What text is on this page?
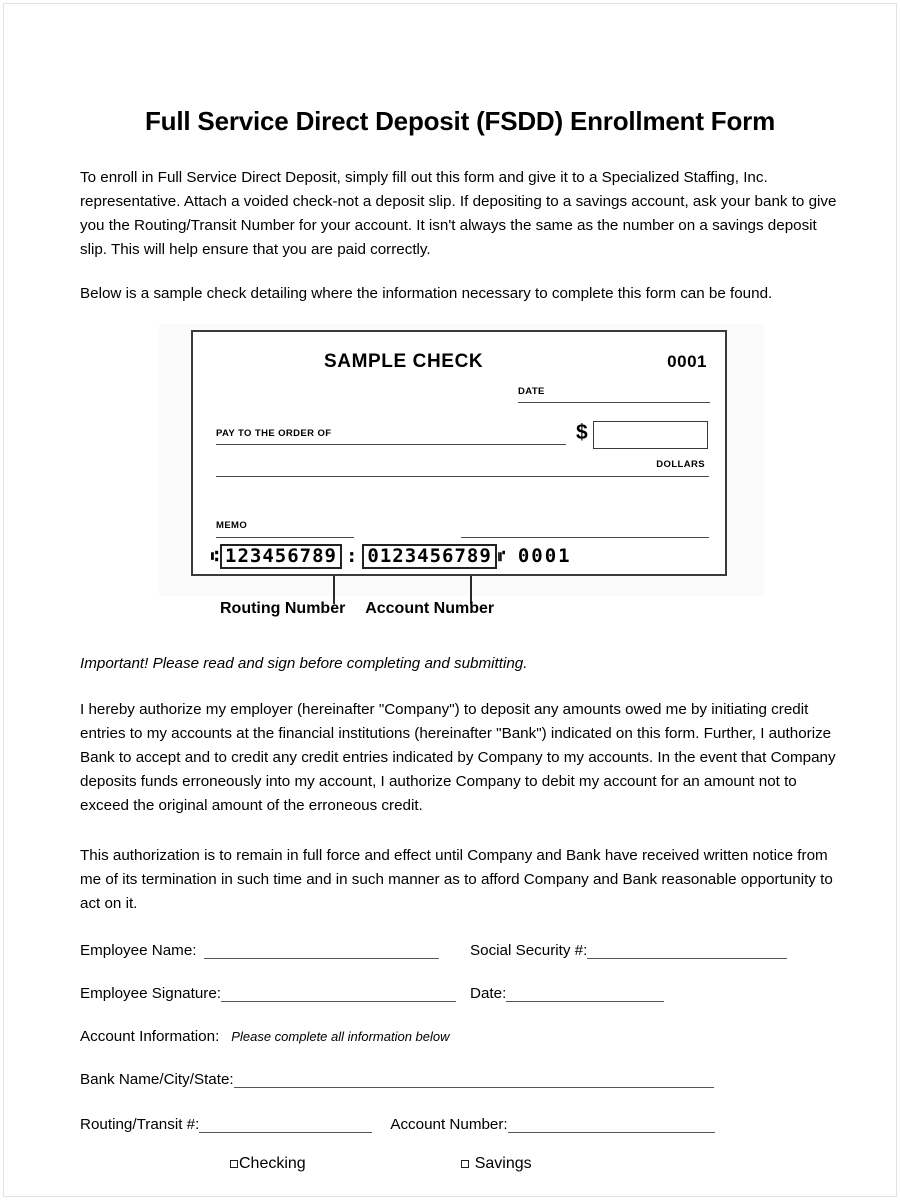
Full Service Direct Deposit (FSDD) Enrollment Form

To enroll in Full Service Direct Deposit, simply fill out this form and give it to a Specialized Staffing, Inc. representative. Attach a voided check-not a deposit slip. If depositing to a savings account, ask your bank to give you the Routing/Transit Number for your account. It isn't always the same as the number on a savings deposit slip. This will help ensure that you are paid correctly.

Below is a sample check detailing where the information necessary to complete this form can be found.

SAMPLE CHECK	0001
DATE
PAY TO THE ORDER OF	$
DOLLARS
MEMO
⑆ 123456789 : 0123456789 ⑈ 0001
Routing Number Account Number

Important! Please read and sign before completing and submitting.

I hereby authorize my employer (hereinafter "Company") to deposit any amounts owed me by initiating credit entries to my accounts at the financial institutions (hereinafter "Bank") indicated on this form. Further, I authorize Bank to accept and to credit any credit entries indicated by Company to my accounts. In the event that Company deposits funds erroneously into my account, I authorize Company to debit my account for an amount not to exceed the original amount of the erroneous credit.

This authorization is to remain in full force and effect until Company and Bank have received written notice from me of its termination in such time and in such manner as to afford Company and Bank reasonable opportunity to act on it.

Employee Name:	Social Security #:
Employee Signature:	Date:
Account Information: Please complete all information below
Bank Name/City/State:
Routing/Transit #:	Account Number:
Checking	Savings
